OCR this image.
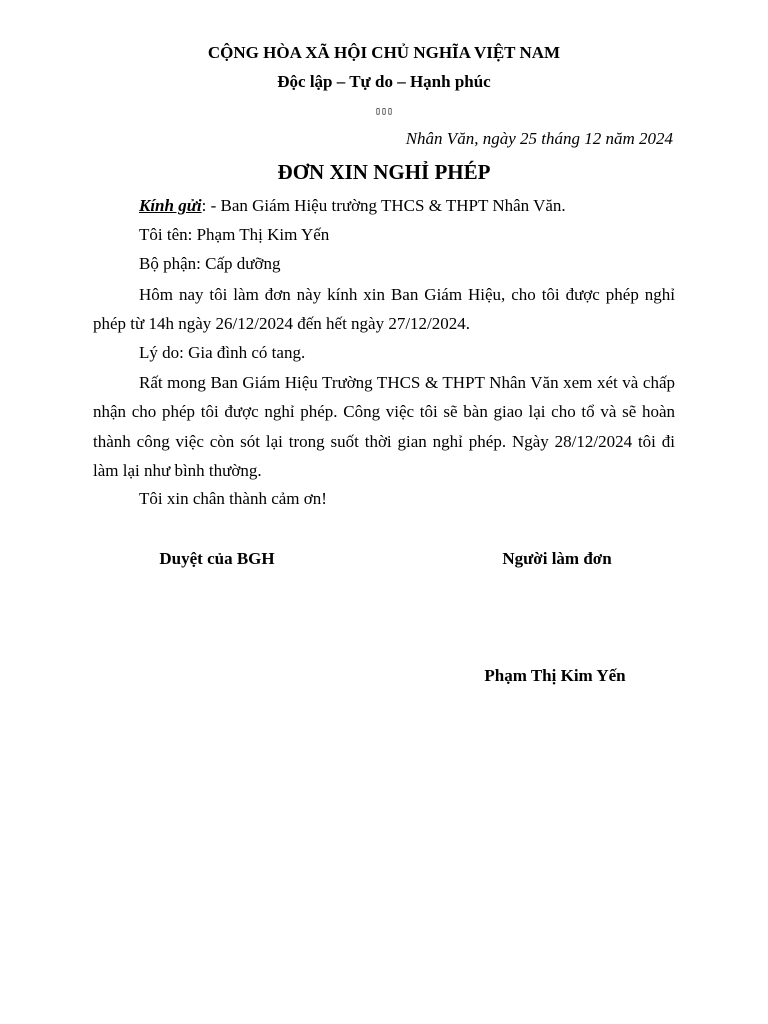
CỘNG HÒA XÃ HỘI CHỦ NGHĨA VIỆT NAM
Độc lập – Tự do – Hạnh phúc
▯▯▯
Nhân Văn, ngày 25 tháng 12 năm 2024
ĐƠN XIN NGHỈ PHÉP
Kính gửi: - Ban Giám Hiệu trường THCS & THPT Nhân Văn.
Tôi tên: Phạm Thị Kim Yến
Bộ phận: Cấp dưỡng

Hôm nay tôi làm đơn này kính xin Ban Giám Hiệu, cho tôi được phép nghỉ phép từ 14h ngày 26/12/2024 đến hết ngày 27/12/2024.

Lý do: Gia đình có tang.

Rất mong Ban Giám Hiệu Trường THCS & THPT Nhân Văn xem xét và chấp nhận cho phép tôi được nghỉ phép. Công việc tôi sẽ bàn giao lại cho tổ và sẽ hoàn thành công việc còn sót lại trong suốt thời gian nghỉ phép. Ngày 28/12/2024 tôi đi làm lại như bình thường.

Tôi xin chân thành cảm ơn!
Duyệt của BGH	Người làm đơn
Phạm Thị Kim Yến
